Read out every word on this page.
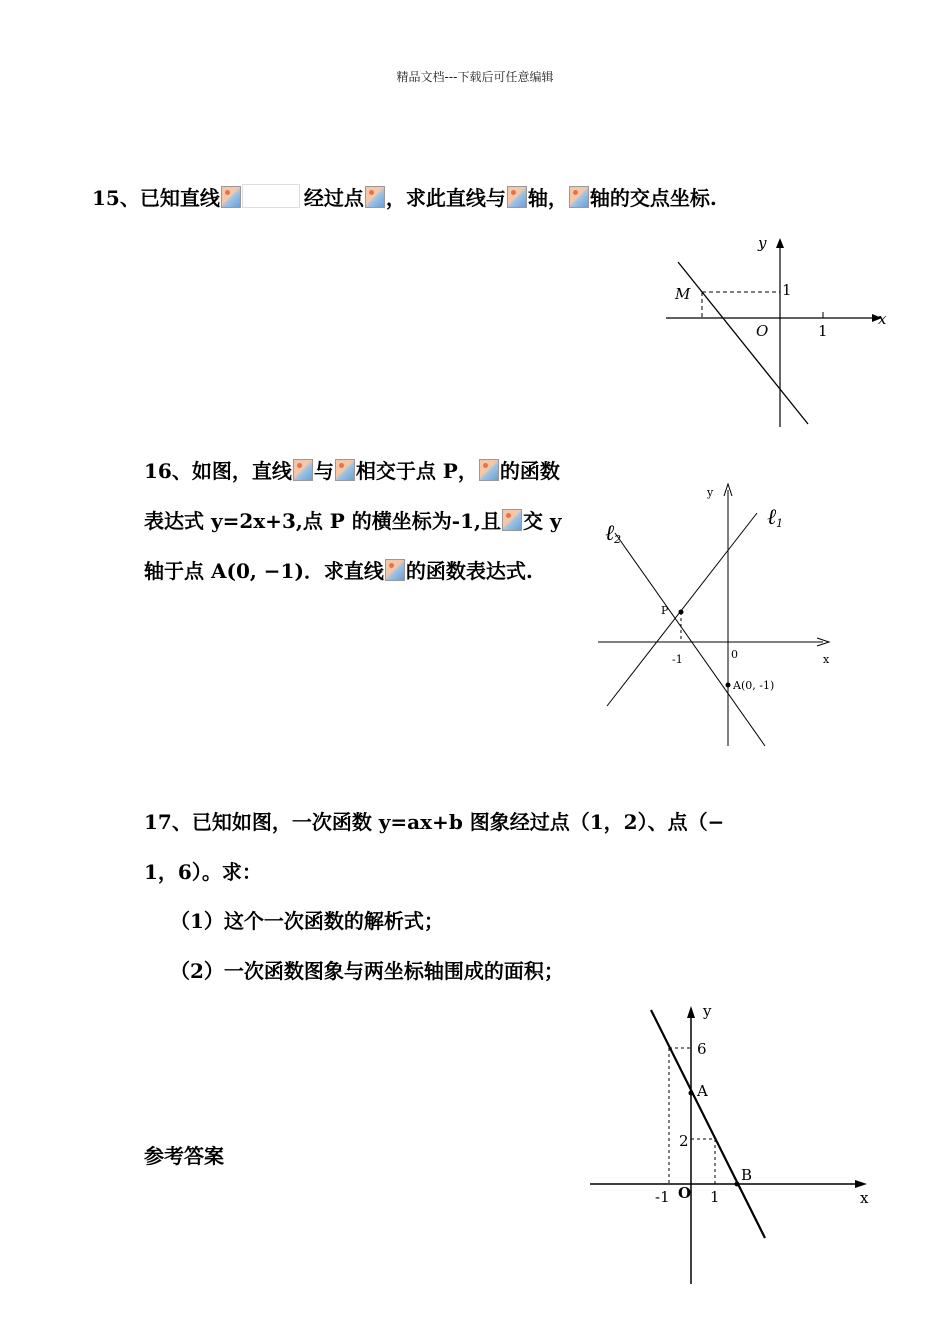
精品文档---下载后可任意编辑
15、已知直线	经过点 ，求此直线与 轴， 轴的交点坐标.
y
x
M
O
1
1
16、如图，直线 与 相交于点 P， 的函数
表达式 y=2x+3,点 P 的横坐标为-1,且 交 y
轴于点 A(0, −1)．求直线 的函数表达式.
y
x
ℓ1
ℓ2
P
-1	0
A(0, -1)
17、已知如图，一次函数 y=ax+b 图象经过点（1，2）、点（−
1，6）。求：
（1）这个一次函数的解析式；
（2）一次函数图象与两坐标轴围成的面积；
y
x
6
A
2
B
-1 O 1
参考答案
